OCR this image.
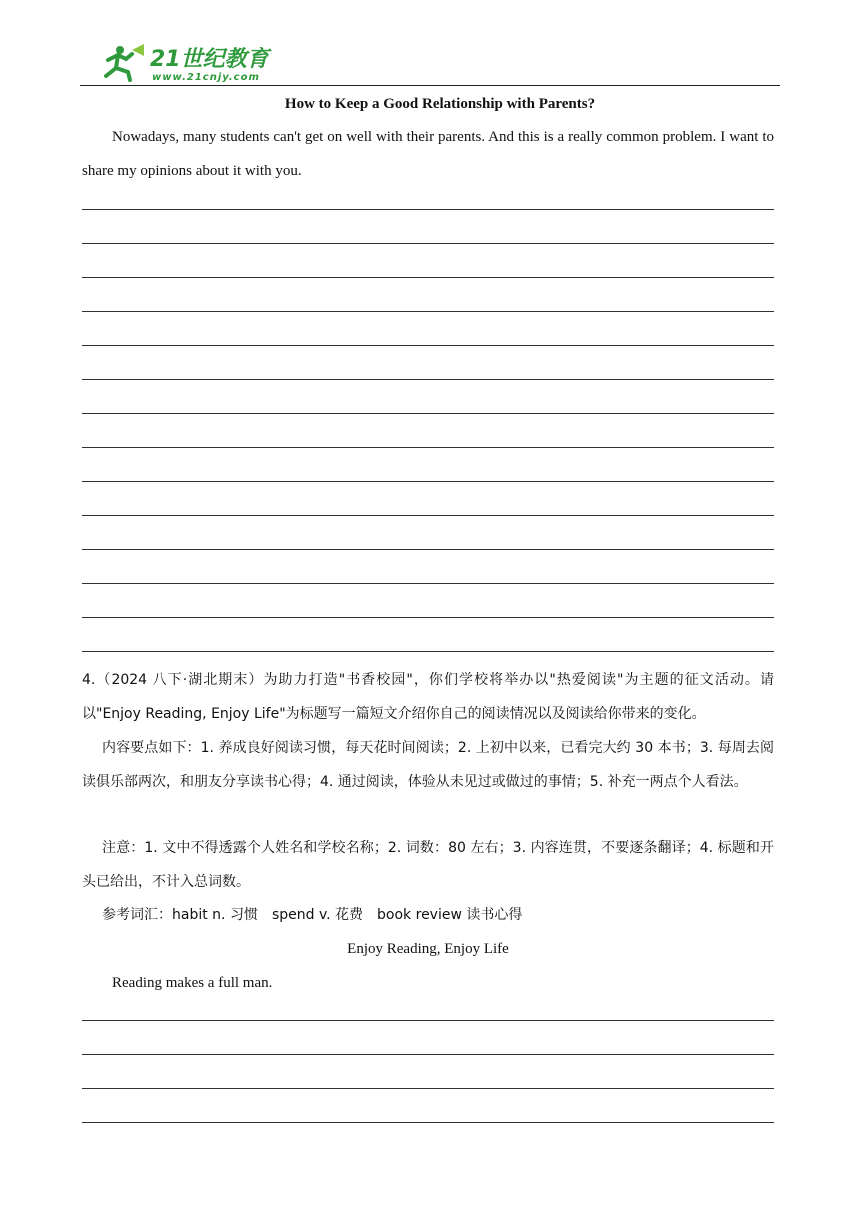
21世纪教育
www.21cnjy.com
How to Keep a Good Relationship with Parents?
Nowadays, many students can't get on well with their parents. And this is a really common problem. I want to share my opinions about it with you.
4.（2024 八下·湖北期末）为助力打造"书香校园"，你们学校将举办以"热爱阅读"为主题的征文活动。请以"Enjoy Reading, Enjoy Life"为标题写一篇短文介绍你自己的阅读情况以及阅读给你带来的变化。
内容要点如下：1. 养成良好阅读习惯，每天花时间阅读；2. 上初中以来，已看完大约 30 本书；3. 每周去阅读俱乐部两次，和朋友分享读书心得；4. 通过阅读，体验从未见过或做过的事情；5. 补充一两点个人看法。
注意：1. 文中不得透露个人姓名和学校名称；2. 词数：80 左右；3. 内容连贯，不要逐条翻译；4. 标题和开头已给出，不计入总词数。
参考词汇：habit n. 习惯　spend v. 花费　book review 读书心得
Enjoy Reading, Enjoy Life
Reading makes a full man.
